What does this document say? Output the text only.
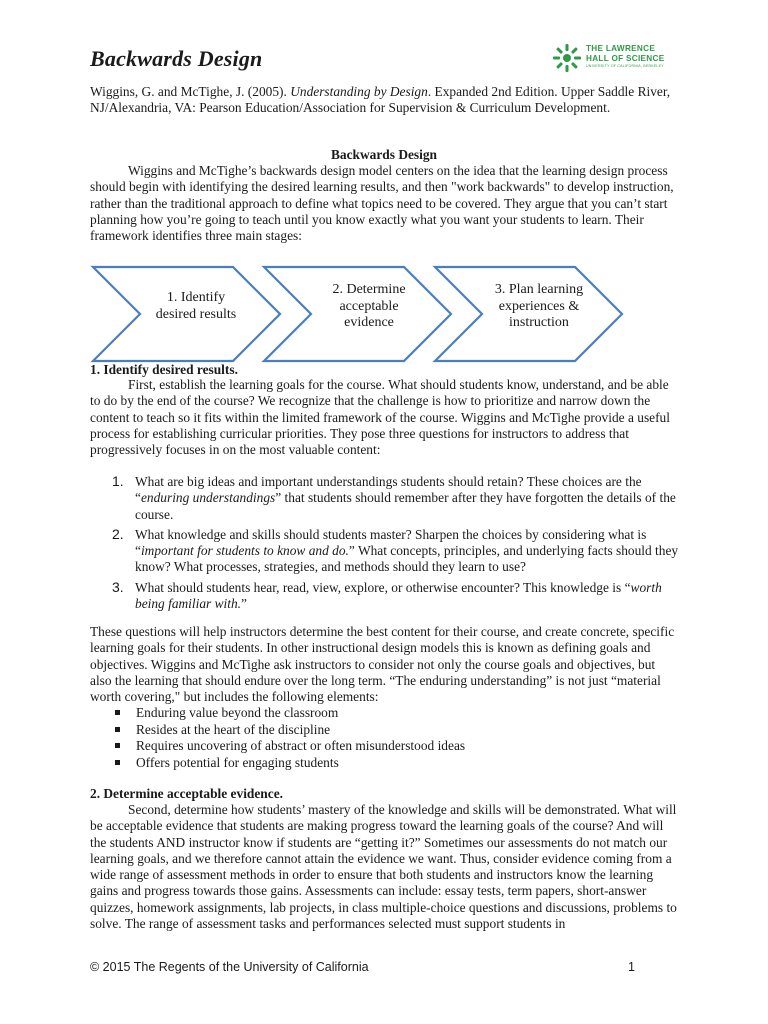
Backwards Design	THE LAWRENCE
HALL OF SCIENCE
UNIVERSITY OF CALIFORNIA, BERKELEY
Wiggins, G. and McTighe, J. (2005). Understanding by Design. Expanded 2nd Edition. Upper Saddle River, NJ/Alexandria, VA: Pearson Education/Association for Supervision & Curriculum Development.
Backwards Design

Wiggins and McTighe’s backwards design model centers on the idea that the learning design process should begin with identifying the desired learning results, and then "work backwards" to develop instruction, rather than the traditional approach to define what topics need to be covered. They argue that you can’t start planning how you’re going to teach until you know exactly what you want your students to learn. Their framework identifies three main stages:

1. Identify
desired results
2. Determine
acceptable
evidence
3. Plan learning
experiences &
instruction
1. Identify desired results.

First, establish the learning goals for the course. What should students know, understand, and be able to do by the end of the course? We recognize that the challenge is how to prioritize and narrow down the content to teach so it fits within the limited framework of the course. Wiggins and McTighe provide a useful process for establishing curricular priorities. They pose three questions for instructors to address that progressively focuses in on the most valuable content:

1. What are big ideas and important understandings students should retain? These choices are the “enduring understandings” that students should remember after they have forgotten the details of the course.
2. What knowledge and skills should students master? Sharpen the choices by considering what is “important for students to know and do.” What concepts, principles, and underlying facts should they know? What processes, strategies, and methods should they learn to use?
3. What should students hear, read, view, explore, or otherwise encounter? This knowledge is “worth being familiar with.”

These questions will help instructors determine the best content for their course, and create concrete, specific learning goals for their students. In other instructional design models this is known as defining goals and objectives. Wiggins and McTighe ask instructors to consider not only the course goals and objectives, but also the learning that should endure over the long term. “The enduring understanding” is not just “material worth covering," but includes the following elements:

Enduring value beyond the classroom
Resides at the heart of the discipline
Requires uncovering of abstract or often misunderstood ideas
Offers potential for engaging students
2. Determine acceptable evidence.

Second, determine how students’ mastery of the knowledge and skills will be demonstrated. What will be acceptable evidence that students are making progress toward the learning goals of the course? And will the students AND instructor know if students are “getting it?” Sometimes our assessments do not match our learning goals, and we therefore cannot attain the evidence we want. Thus, consider evidence coming from a wide range of assessment methods in order to ensure that both students and instructors know the learning gains and progress towards those gains. Assessments can include: essay tests, term papers, short-answer quizzes, homework assignments, lab projects, in class multiple-choice questions and discussions, problems to solve. The range of assessment tasks and performances selected must support students in

© 2015 The Regents of the University of California	1
